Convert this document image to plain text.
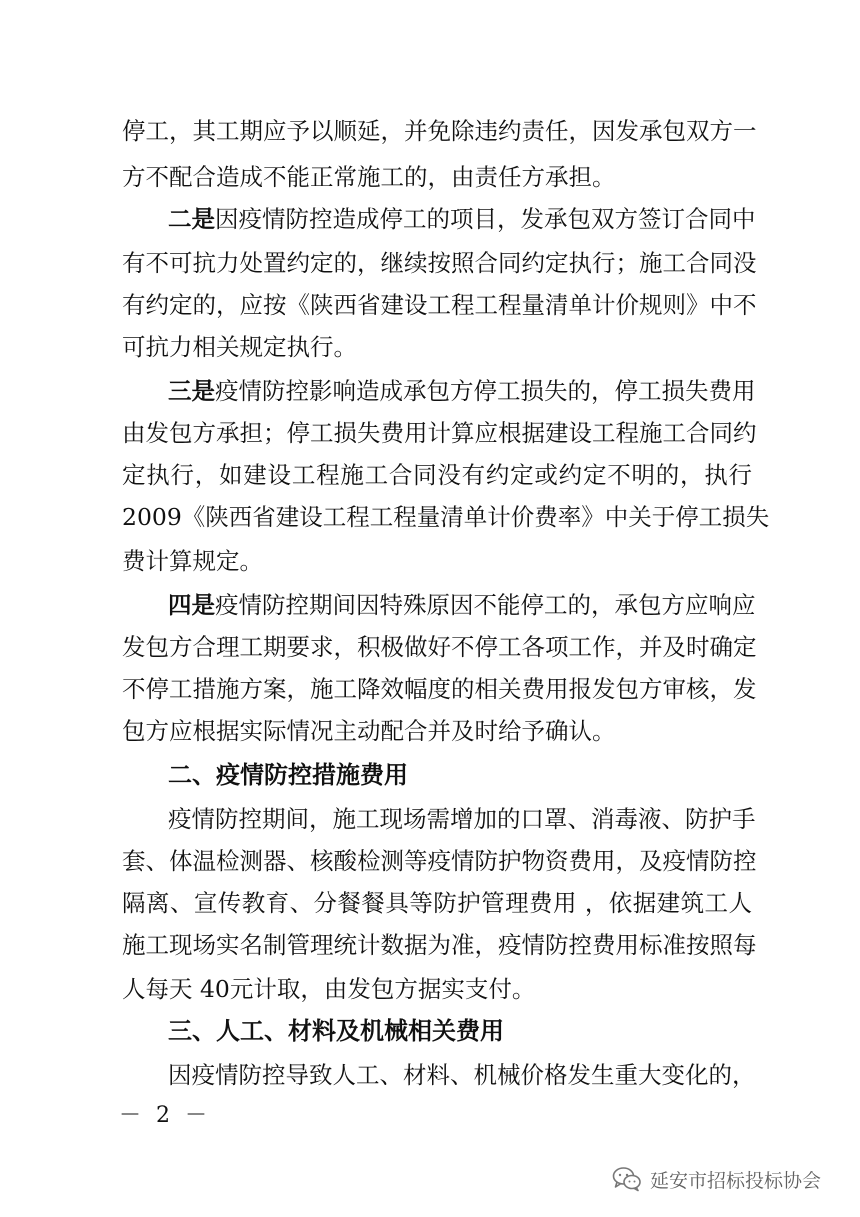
停工，其工期应予以顺延，并免除违约责任，因发承包双方一
方不配合造成不能正常施工的，由责任方承担。
二是因疫情防控造成停工的项目，发承包双方签订合同中
有不可抗力处置约定的，继续按照合同约定执行；施工合同没
有约定的，应按《陕西省建设工程工程量清单计价规则》中不
可抗力相关规定执行。
三是疫情防控影响造成承包方停工损失的，停工损失费用
由发包方承担；停工损失费用计算应根据建设工程施工合同约
定执行，如建设工程施工合同没有约定或约定不明的，执行
2009《陕西省建设工程工程量清单计价费率》中关于停工损失
费计算规定。
四是疫情防控期间因特殊原因不能停工的，承包方应响应
发包方合理工期要求，积极做好不停工各项工作，并及时确定
不停工措施方案，施工降效幅度的相关费用报发包方审核，发
包方应根据实际情况主动配合并及时给予确认。
二、疫情防控措施费用
疫情防控期间，施工现场需增加的口罩、消毒液、防护手
套、体温检测器、核酸检测等疫情防护物资费用，及疫情防控
隔离、宣传教育、分餐餐具等防护管理费用 ，依据建筑工人
施工现场实名制管理统计数据为准，疫情防控费用标准按照每
人每天 40元计取，由发包方据实支付。
三、人工、材料及机械相关费用
因疫情防控导致人工、材料、机械价格发生重大变化的，
－ 2 －
延安市招标投标协会
